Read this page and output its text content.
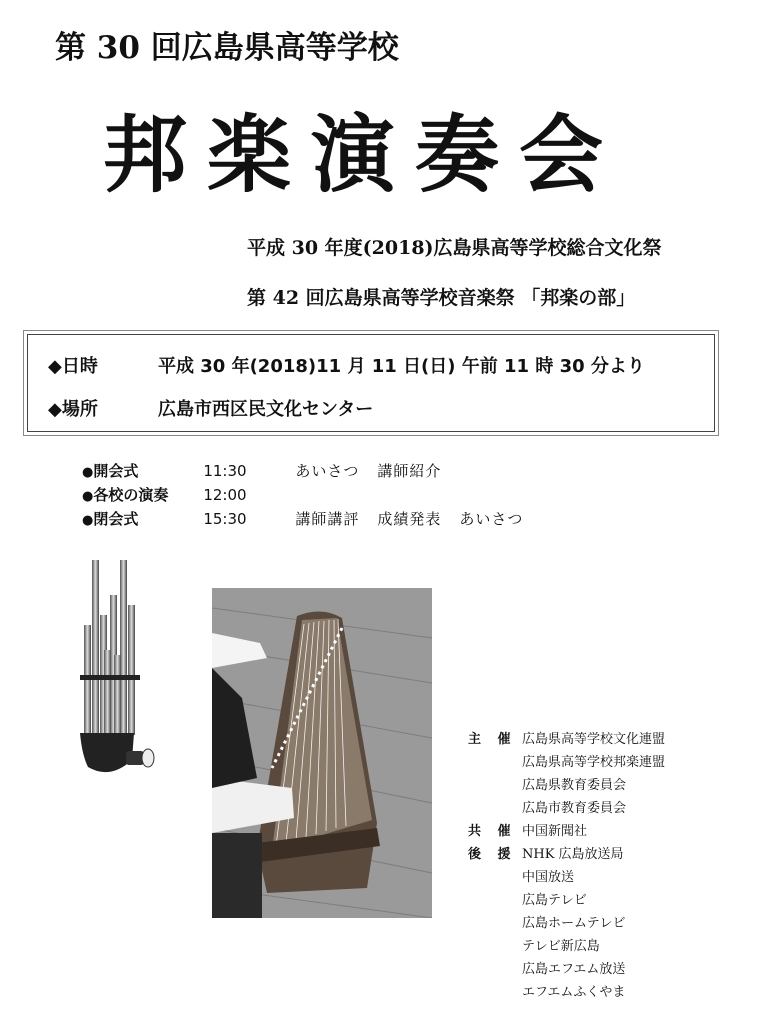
第 30 回広島県高等学校
邦楽演奏会
平成 30 年度(2018)広島県高等学校総合文化祭
第 42 回広島県高等学校音楽祭 「邦楽の部」
◆日時	平成 30 年(2018)11 月 11 日(日) 午前 11 時 30 分より
◆場所	広島市西区民文化センター
●開会式	11:30	あいさつ 講師紹介
●各校の演奏 12:00
●閉会式	15:30	講師講評 成績発表 あいさつ
主 催 広島県高等学校文化連盟
広島県高等学校邦楽連盟
広島県教育委員会
広島市教育委員会
共 催 中国新聞社
後 援 NHK 広島放送局
中国放送
広島テレビ
広島ホームテレビ
テレビ新広島
広島エフエム放送
エフエムふくやま
